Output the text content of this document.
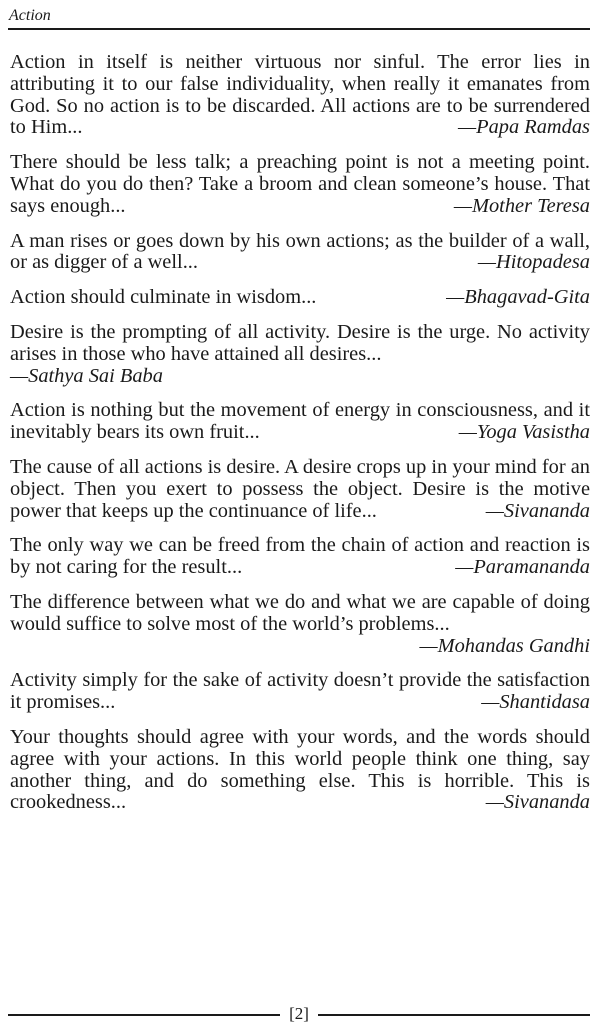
Action

Action in itself is neither virtuous nor sinful. The error lies in attributing it to our false individuality, when really it emanates from God. So no action is to be discarded. All actions are to be surrendered to Him...	—Papa Ramdas

There should be less talk; a preaching point is not a meeting point. What do you do then? Take a broom and clean someone’s house. That says enough...	—Mother Teresa

A man rises or goes down by his own actions; as the builder of a wall, or as digger of a well...	—Hitopadesa

Action should culminate in wisdom...	—Bhagavad-Gita

Desire is the prompting of all activity. Desire is the urge. No activity arises in those who have attained all desires...
—Sathya Sai Baba

Action is nothing but the movement of energy in consciousness, and it inevitably bears its own fruit...	—Yoga Vasistha

The cause of all actions is desire. A desire crops up in your mind for an object. Then you exert to possess the object. Desire is the motive power that keeps up the continuance of life...	—Sivananda

The only way we can be freed from the chain of action and reaction is by not caring for the result...	—Paramananda

The difference between what we do and what we are capable of doing would suffice to solve most of the world’s problems...
—Mohandas Gandhi

Activity simply for the sake of activity doesn’t provide the satisfaction it promises...	—Shantidasa

Your thoughts should agree with your words, and the words should agree with your actions. In this world people think one thing, say another thing, and do something else. This is horrible. This is crookedness...	—Sivananda

[2]
